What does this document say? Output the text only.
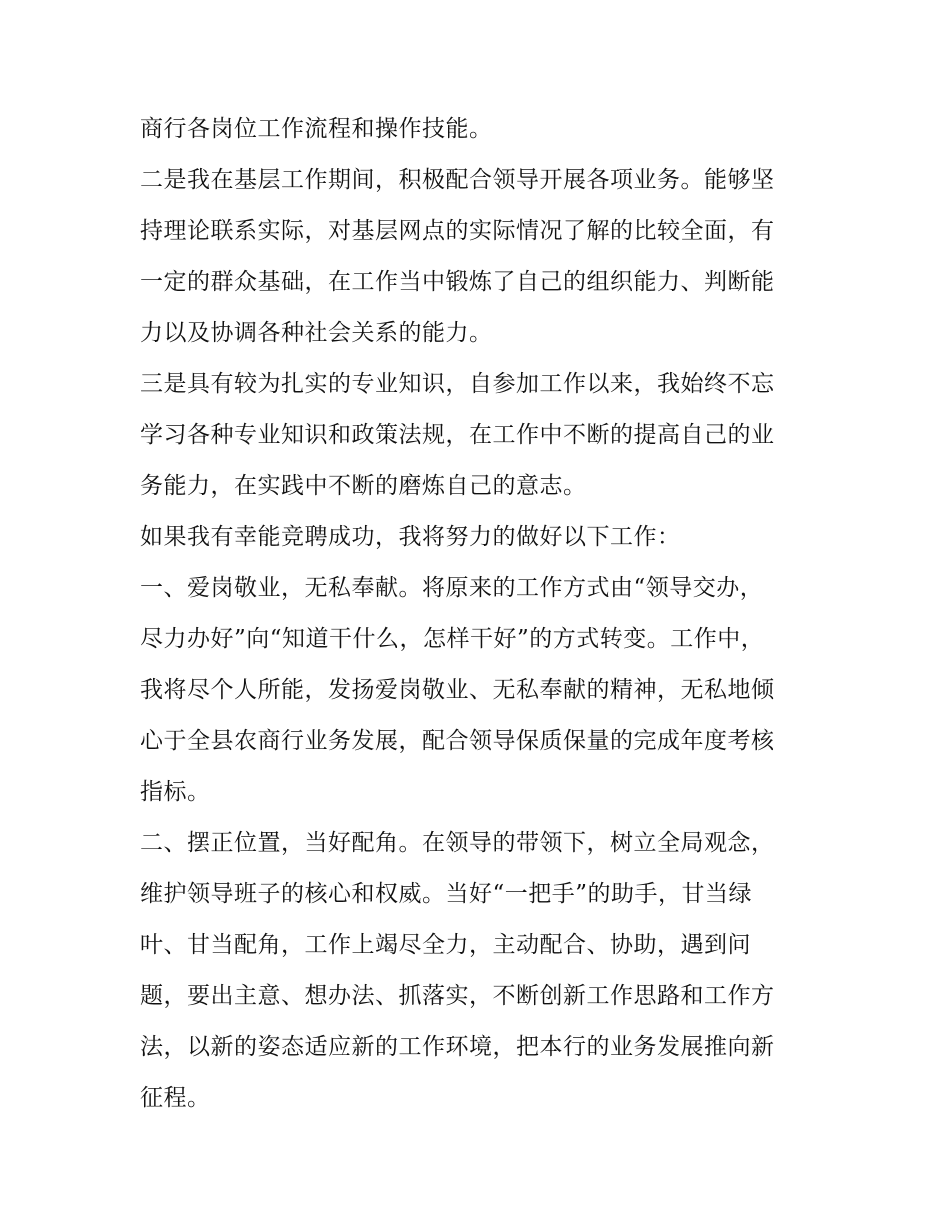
商行各岗位工作流程和操作技能。
二是我在基层工作期间，积极配合领导开展各项业务。能够坚
持理论联系实际，对基层网点的实际情况了解的比较全面，有
一定的群众基础，在工作当中锻炼了自己的组织能力、判断能
力以及协调各种社会关系的能力。
三是具有较为扎实的专业知识，自参加工作以来，我始终不忘
学习各种专业知识和政策法规，在工作中不断的提高自己的业
务能力，在实践中不断的磨炼自己的意志。
如果我有幸能竞聘成功，我将努力的做好以下工作：
一、爱岗敬业，无私奉献。将原来的工作方式由“领导交办，
尽力办好”向“知道干什么，怎样干好”的方式转变。工作中，
我将尽个人所能，发扬爱岗敬业、无私奉献的精神，无私地倾
心于全县农商行业务发展，配合领导保质保量的完成年度考核
指标。
二、摆正位置，当好配角。在领导的带领下，树立全局观念，
维护领导班子的核心和权威。当好“一把手”的助手，甘当绿
叶、甘当配角，工作上竭尽全力，主动配合、协助，遇到问
题，要出主意、想办法、抓落实，不断创新工作思路和工作方
法，以新的姿态适应新的工作环境，把本行的业务发展推向新
征程。
